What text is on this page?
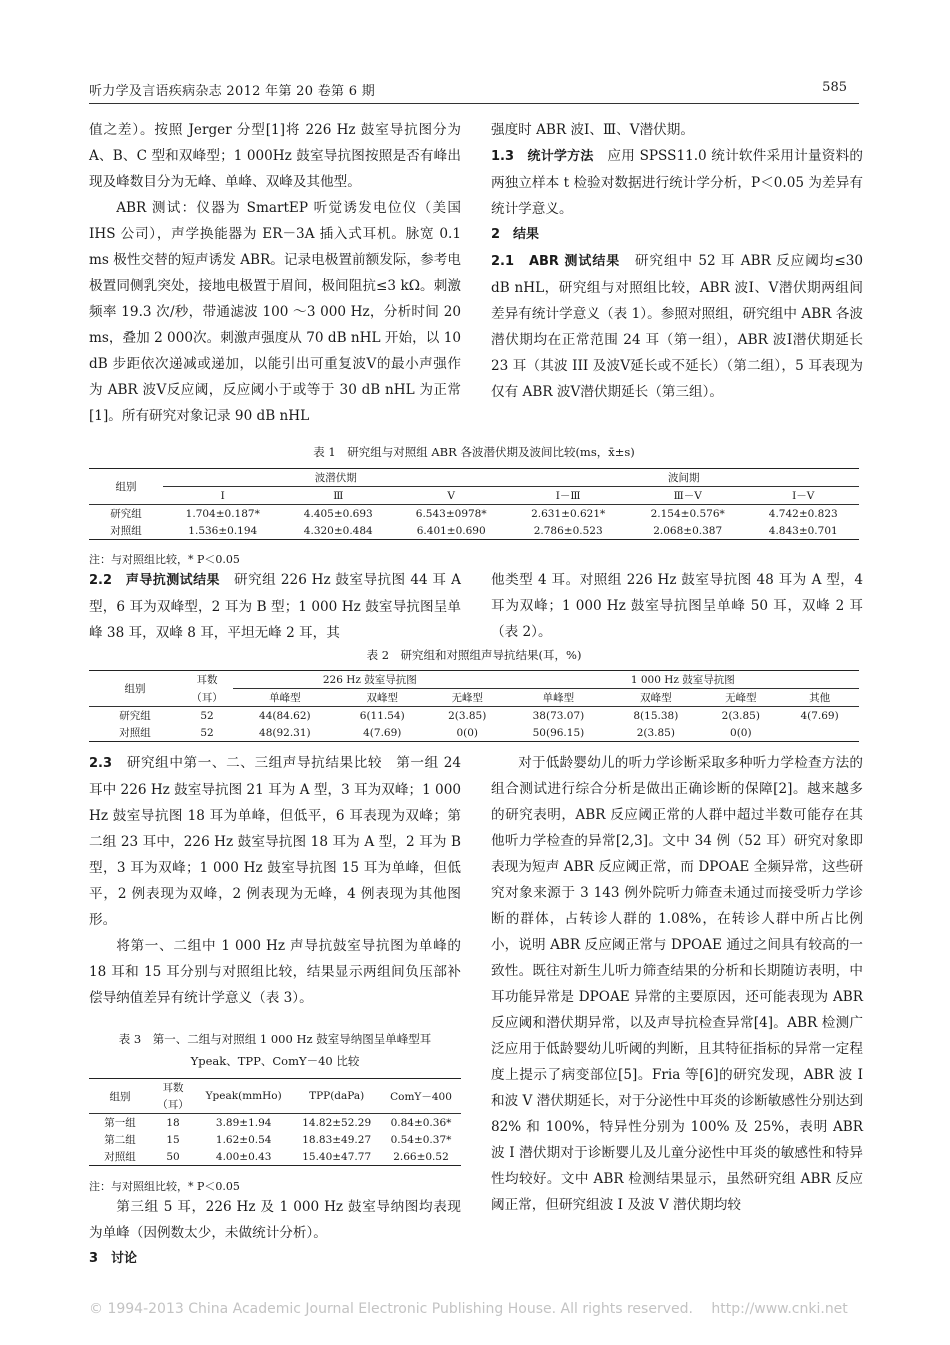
听力学及言语疾病杂志 2012 年第 20 卷第 6 期	585

值之差）。按照 Jerger 分型[1]将 226 Hz 鼓室导抗图分为 A、B、C 型和双峰型；1 000Hz 鼓室导抗图按照是否有峰出现及峰数目分为无峰、单峰、双峰及其他型。

ABR 测试：仪器为 SmartEP 听觉诱发电位仪（美国 IHS 公司），声学换能器为 ER－3A 插入式耳机。脉宽 0.1 ms 极性交替的短声诱发 ABR。记录电极置前额发际，参考电极置同侧乳突处，接地电极置于眉间，极间阻抗≤3 kΩ。刺激频率 19.3 次/秒，带通滤波 100 ～3 000 Hz，分析时间 20 ms，叠加 2 000次。刺激声强度从 70 dB nHL 开始，以 10 dB 步距依次递减或递加，以能引出可重复波Ⅴ的最小声强作为 ABR 波Ⅴ反应阈，反应阈小于或等于 30 dB nHL 为正常[1]。所有研究对象记录 90 dB nHL

强度时 ABR 波Ⅰ、Ⅲ、Ⅴ潜伏期。

1.3　统计学方法　 应用 SPSS11.0 统计软件采用计量资料的两独立样本 t 检验对数据进行统计学分析，P＜0.05 为差异有统计学意义。

2　结果

2.1　ABR 测试结果　 研究组中 52 耳 ABR 反应阈均≤30 dB nHL，研究组与对照组比较，ABR 波Ⅰ、Ⅴ潜伏期两组间差异有统计学意义（表 1）。参照对照组，研究组中 ABR 各波潜伏期均在正常范围 24 耳（第一组），ABR 波Ⅰ潜伏期延长 23 耳（其波 III 及波Ⅴ延长或不延长）（第二组），5 耳表现为仅有 ABR 波Ⅴ潜伏期延长（第三组）。

表 1　研究组与对照组 ABR 各波潜伏期及波间比较(ms，x̄±s)
组别	波潜伏期			波间期		
	Ⅰ	Ⅲ	Ⅴ	Ⅰ－Ⅲ	Ⅲ－Ⅴ	Ⅰ－Ⅴ
研究组	1.704±0.187*	4.405±0.693	6.543±0978*	2.631±0.621*	2.154±0.576*	4.742±0.823
对照组	1.536±0.194	4.320±0.484	6.401±0.690	2.786±0.523	2.068±0.387	4.843±0.701
注：与对照组比较，* P＜0.05

2.2　声导抗测试结果　 研究组 226 Hz 鼓室导抗图 44 耳 A 型，6 耳为双峰型，2 耳为 B 型；1 000 Hz 鼓室导抗图呈单峰 38 耳，双峰 8 耳，平坦无峰 2 耳，其

他类型 4 耳。对照组 226 Hz 鼓室导抗图 48 耳为 A 型，4 耳为双峰；1 000 Hz 鼓室导抗图呈单峰 50 耳，双峰 2 耳（表 2）。

表 2　研究组和对照组声导抗结果(耳，%)
组别	耳数	226 Hz 鼓室导抗图			1 000 Hz 鼓室导抗图			
	（耳）	单峰型	双峰型	无峰型	单峰型	双峰型	无峰型	其他
研究组	52	44(84.62)	6(11.54)	2(3.85)	38(73.07)	8(15.38)	2(3.85)	4(7.69)
对照组	52	48(92.31)	4(7.69)	0(0)	50(96.15)	2(3.85)	0(0)	

2.3　 研究组中第一、二、三组声导抗结果比较　第一组 24 耳中 226 Hz 鼓室导抗图 21 耳为 A 型，3 耳为双峰；1 000 Hz 鼓室导抗图 18 耳为单峰，但低平，6 耳表现为双峰；第二组 23 耳中，226 Hz 鼓室导抗图 18 耳为 A 型，2 耳为 B 型，3 耳为双峰；1 000 Hz 鼓室导抗图 15 耳为单峰，但低平，2 例表现为双峰，2 例表现为无峰，4 例表现为其他图形。

将第一、二组中 1 000 Hz 声导抗鼓室导抗图为单峰的 18 耳和 15 耳分别与对照组比较，结果显示两组间负压部补偿导纳值差异有统计学意义（表 3）。

表 3　第一、二组与对照组 1 000 Hz 鼓室导纳图呈单峰型耳
Ypeak、TPP、ComY－40 比较
组别	耳数	Ypeak(mmHo)	TPP(daPa)	ComY－400
	（耳）			
第一组	18	3.89±1.94	14.82±52.29	0.84±0.36*
第二组	15	1.62±0.54	18.83±49.27	0.54±0.37*
对照组	50	4.00±0.43	15.40±47.77	2.66±0.52
注：与对照组比较，* P＜0.05

第三组 5 耳，226 Hz 及 1 000 Hz 鼓室导纳图均表现为单峰（因例数太少，未做统计分析）。

3　讨论

对于低龄婴幼儿的听力学诊断采取多种听力学检查方法的组合测试进行综合分析是做出正确诊断的保障[2]。越来越多的研究表明，ABR 反应阈正常的人群中超过半数可能存在其他听力学检查的异常[2,3]。文中 34 例（52 耳）研究对象即表现为短声 ABR 反应阈正常，而 DPOAE 全频异常，这些研究对象来源于 3 143 例外院听力筛查未通过而接受听力学诊断的群体，占转诊人群的 1.08%，在转诊人群中所占比例小，说明 ABR 反应阈正常与 DPOAE 通过之间具有较高的一致性。既往对新生儿听力筛查结果的分析和长期随访表明，中耳功能异常是 DPOAE 异常的主要原因，还可能表现为 ABR 反应阈和潜伏期异常，以及声导抗检查异常[4]。ABR 检测广泛应用于低龄婴幼儿听阈的判断，且其特征指标的异常一定程度上提示了病变部位[5]。Fria 等[6]的研究发现，ABR 波 I 和波 V 潜伏期延长，对于分泌性中耳炎的诊断敏感性分别达到 82% 和 100%，特异性分别为 100% 及 25%，表明 ABR 波 I 潜伏期对于诊断婴儿及儿童分泌性中耳炎的敏感性和特异性均较好。文中 ABR 检测结果显示，虽然研究组 ABR 反应阈正常，但研究组波 I 及波 V 潜伏期均较

© 1994-2013 China Academic Journal Electronic Publishing House. All rights reserved.　 http://www.cnki.net
